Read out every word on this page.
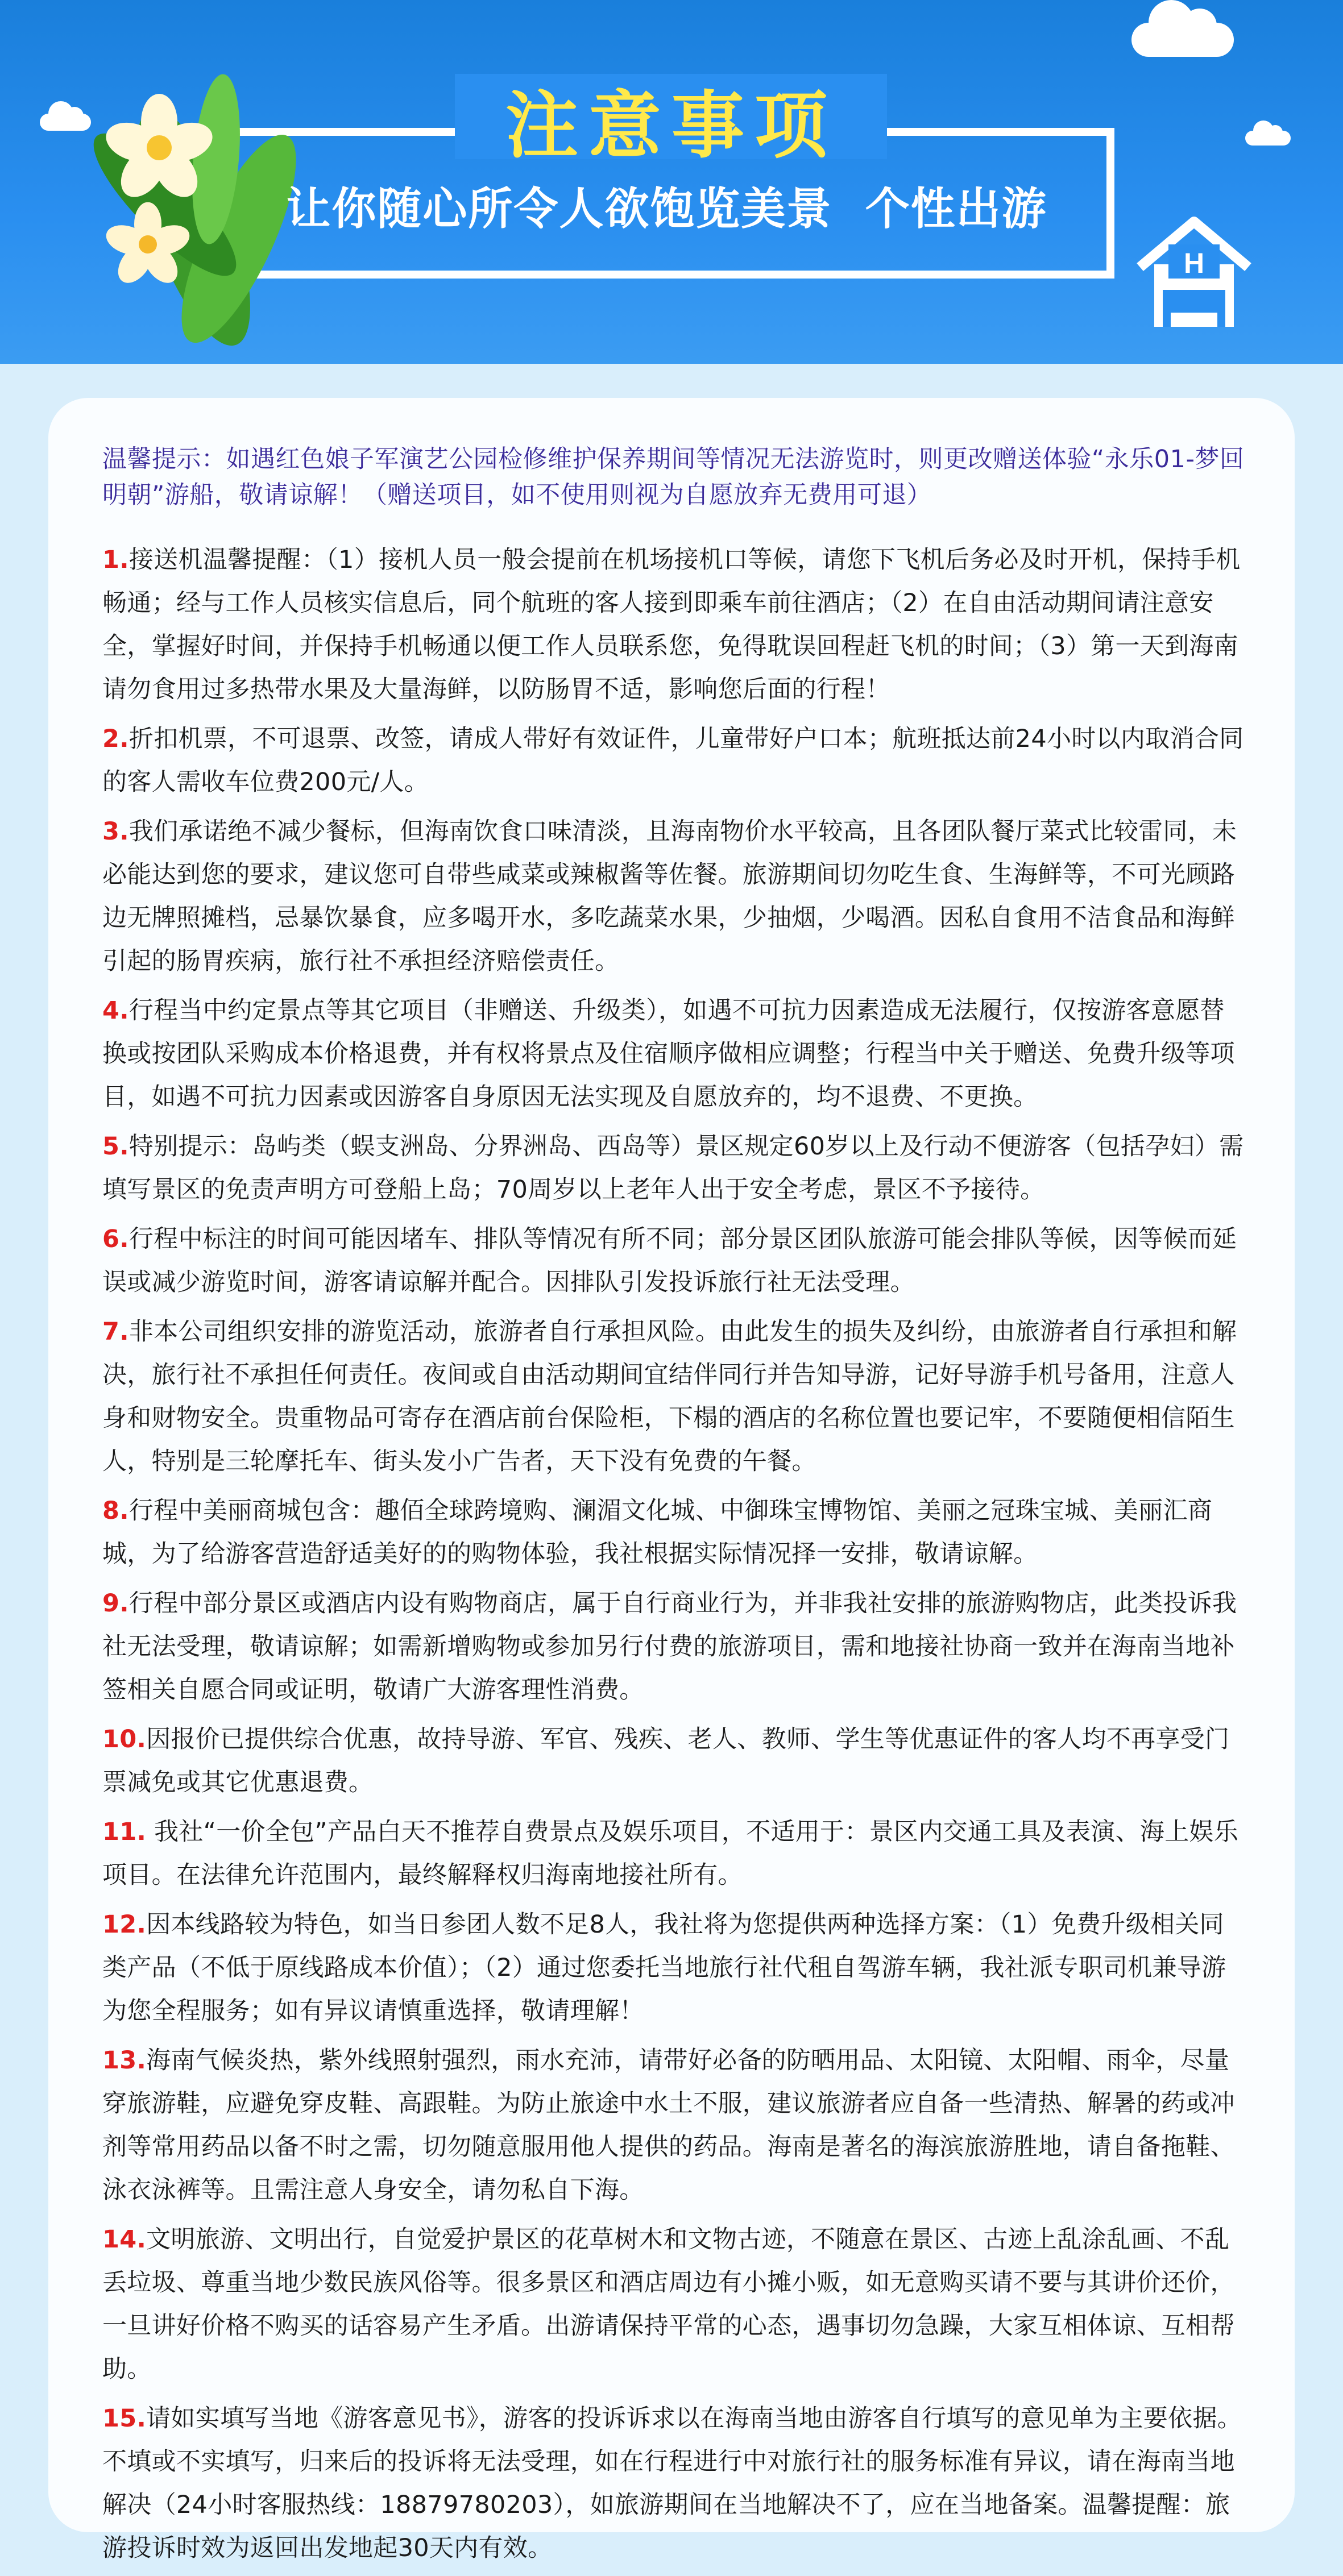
注意事项
让你随心所令人欲饱览美景  个性出游
H
温馨提示：如遇红色娘子军演艺公园检修维护保养期间等情况无法游览时，则更改赠送体验“永乐01-梦回明朝”游船，敬请谅解！（赠送项目，如不使用则视为自愿放弃无费用可退）
1.接送机温馨提醒：（1）接机人员一般会提前在机场接机口等候，请您下飞机后务必及时开机，保持手机畅通；经与工作人员核实信息后，同个航班的客人接到即乘车前往酒店；（2）在自由活动期间请注意安全，掌握好时间，并保持手机畅通以便工作人员联系您，免得耽误回程赶飞机的时间；（3）第一天到海南请勿食用过多热带水果及大量海鲜，以防肠胃不适，影响您后面的行程！
2.折扣机票，不可退票、改签，请成人带好有效证件，儿童带好户口本；航班抵达前24小时以内取消合同的客人需收车位费200元/人。
3.我们承诺绝不减少餐标，但海南饮食口味清淡，且海南物价水平较高，且各团队餐厅菜式比较雷同，未必能达到您的要求，建议您可自带些咸菜或辣椒酱等佐餐。旅游期间切勿吃生食、生海鲜等，不可光顾路边无牌照摊档，忌暴饮暴食，应多喝开水，多吃蔬菜水果，少抽烟，少喝酒。因私自食用不洁食品和海鲜引起的肠胃疾病，旅行社不承担经济赔偿责任。
4.行程当中约定景点等其它项目（非赠送、升级类），如遇不可抗力因素造成无法履行，仅按游客意愿替换或按团队采购成本价格退费，并有权将景点及住宿顺序做相应调整；行程当中关于赠送、免费升级等项目，如遇不可抗力因素或因游客自身原因无法实现及自愿放弃的，均不退费、不更换。
5.特别提示：岛屿类（蜈支洲岛、分界洲岛、西岛等）景区规定60岁以上及行动不便游客（包括孕妇）需填写景区的免责声明方可登船上岛；70周岁以上老年人出于安全考虑，景区不予接待。
6.行程中标注的时间可能因堵车、排队等情况有所不同；部分景区团队旅游可能会排队等候，因等候而延误或减少游览时间，游客请谅解并配合。因排队引发投诉旅行社无法受理。
7.非本公司组织安排的游览活动，旅游者自行承担风险。由此发生的损失及纠纷，由旅游者自行承担和解决，旅行社不承担任何责任。夜间或自由活动期间宜结伴同行并告知导游，记好导游手机号备用，注意人身和财物安全。贵重物品可寄存在酒店前台保险柜，下榻的酒店的名称位置也要记牢，不要随便相信陌生人，特别是三轮摩托车、街头发小广告者，天下没有免费的午餐。
8.行程中美丽商城包含：趣佰全球跨境购、澜湄文化城、中御珠宝博物馆、美丽之冠珠宝城、美丽汇商城，为了给游客营造舒适美好的的购物体验，我社根据实际情况择一安排，敬请谅解。
9.行程中部分景区或酒店内设有购物商店，属于自行商业行为，并非我社安排的旅游购物店，此类投诉我社无法受理，敬请谅解；如需新增购物或参加另行付费的旅游项目，需和地接社协商一致并在海南当地补签相关自愿合同或证明，敬请广大游客理性消费。
10.因报价已提供综合优惠，故持导游、军官、残疾、老人、教师、学生等优惠证件的客人均不再享受门票减免或其它优惠退费。
11. 我社“一价全包”产品白天不推荐自费景点及娱乐项目，不适用于：景区内交通工具及表演、海上娱乐项目。在法律允许范围内，最终解释权归海南地接社所有。
12.因本线路较为特色，如当日参团人数不足8人，我社将为您提供两种选择方案：（1）免费升级相关同类产品（不低于原线路成本价值）；（2）通过您委托当地旅行社代租自驾游车辆，我社派专职司机兼导游为您全程服务；如有异议请慎重选择，敬请理解！
13.海南气候炎热，紫外线照射强烈，雨水充沛，请带好必备的防晒用品、太阳镜、太阳帽、雨伞，尽量穿旅游鞋，应避免穿皮鞋、高跟鞋。为防止旅途中水土不服，建议旅游者应自备一些清热、解暑的药或冲剂等常用药品以备不时之需，切勿随意服用他人提供的药品。海南是著名的海滨旅游胜地，请自备拖鞋、泳衣泳裤等。且需注意人身安全，请勿私自下海。
14.文明旅游、文明出行，自觉爱护景区的花草树木和文物古迹，不随意在景区、古迹上乱涂乱画、不乱丢垃圾、尊重当地少数民族风俗等。很多景区和酒店周边有小摊小贩，如无意购买请不要与其讲价还价，一旦讲好价格不购买的话容易产生矛盾。出游请保持平常的心态，遇事切勿急躁，大家互相体谅、互相帮助。
15.请如实填写当地《游客意见书》，游客的投诉诉求以在海南当地由游客自行填写的意见单为主要依据。不填或不实填写，归来后的投诉将无法受理，如在行程进行中对旅行社的服务标准有异议，请在海南当地解决（24小时客服热线：18879780203），如旅游期间在当地解决不了，应在当地备案。温馨提醒：旅游投诉时效为返回出发地起30天内有效。
